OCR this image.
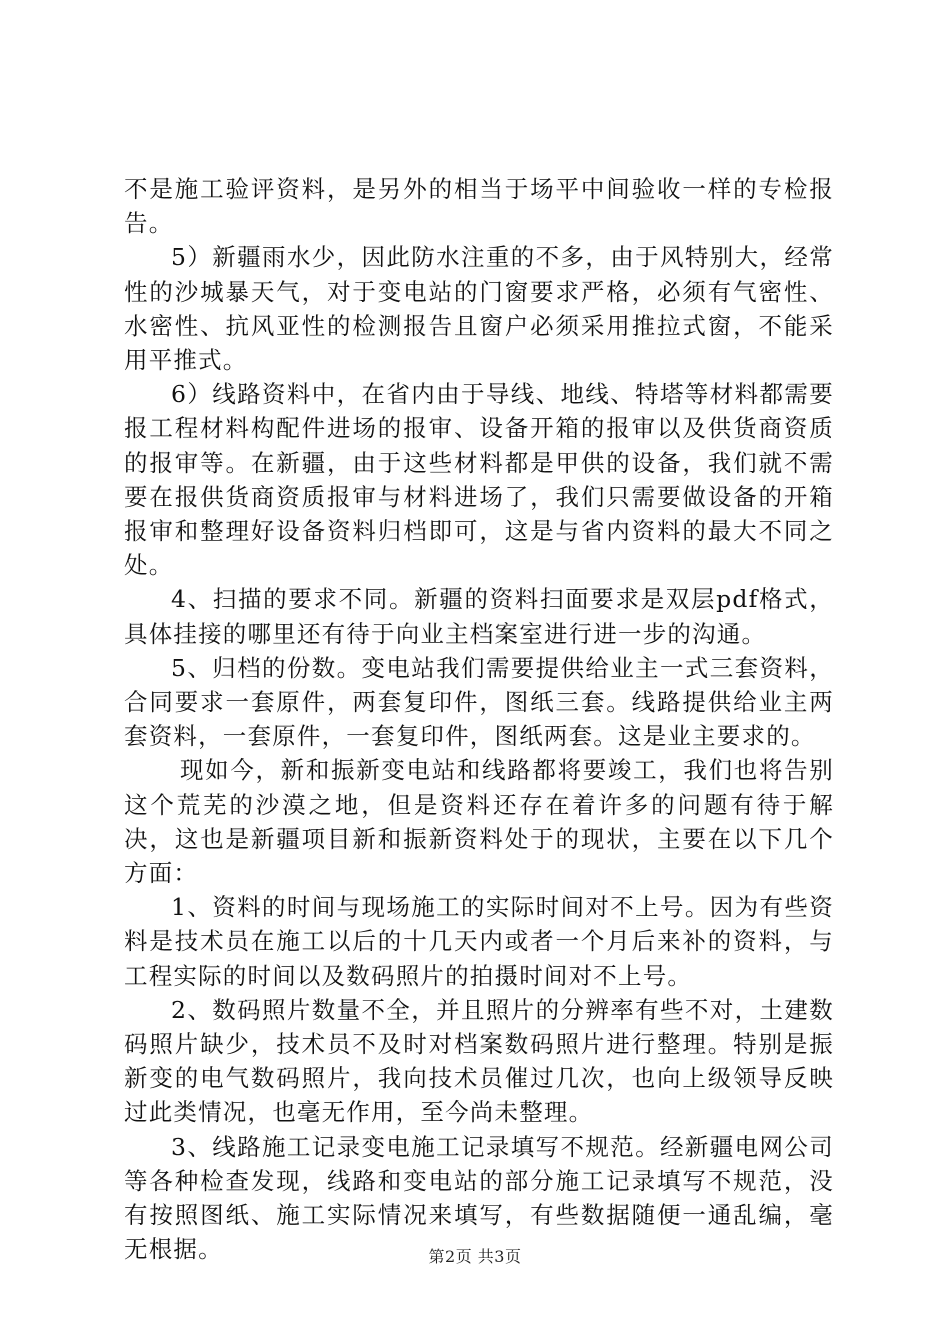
不是施工验评资料，是另外的相当于场平中间验收一样的专检报告。

5）新疆雨水少，因此防水注重的不多，由于风特别大，经常性的沙城暴天气，对于变电站的门窗要求严格，必须有气密性、水密性、抗风亚性的检测报告且窗户必须采用推拉式窗，不能采用平推式。

6）线路资料中，在省内由于导线、地线、特塔等材料都需要报工程材料构配件进场的报审、设备开箱的报审以及供货商资质的报审等。在新疆，由于这些材料都是甲供的设备，我们就不需要在报供货商资质报审与材料进场了，我们只需要做设备的开箱报审和整理好设备资料归档即可，这是与省内资料的最大不同之处。

4、扫描的要求不同。新疆的资料扫面要求是双层pdf格式，具体挂接的哪里还有待于向业主档案室进行进一步的沟通。

5、归档的份数。变电站我们需要提供给业主一式三套资料，合同要求一套原件，两套复印件，图纸三套。线路提供给业主两套资料，一套原件，一套复印件，图纸两套。这是业主要求的。

现如今，新和振新变电站和线路都将要竣工，我们也将告别这个荒芜的沙漠之地，但是资料还存在着许多的问题有待于解决，这也是新疆项目新和振新资料处于的现状，主要在以下几个方面：

1、资料的时间与现场施工的实际时间对不上号。因为有些资料是技术员在施工以后的十几天内或者一个月后来补的资料，与工程实际的时间以及数码照片的拍摄时间对不上号。

2、数码照片数量不全，并且照片的分辨率有些不对，土建数码照片缺少，技术员不及时对档案数码照片进行整理。特别是振新变的电气数码照片，我向技术员催过几次，也向上级领导反映过此类情况，也毫无作用，至今尚未整理。

3、线路施工记录变电施工记录填写不规范。经新疆电网公司等各种检查发现，线路和变电站的部分施工记录填写不规范，没有按照图纸、施工实际情况来填写，有些数据随便一通乱编，毫无根据。	第2页 共3页
